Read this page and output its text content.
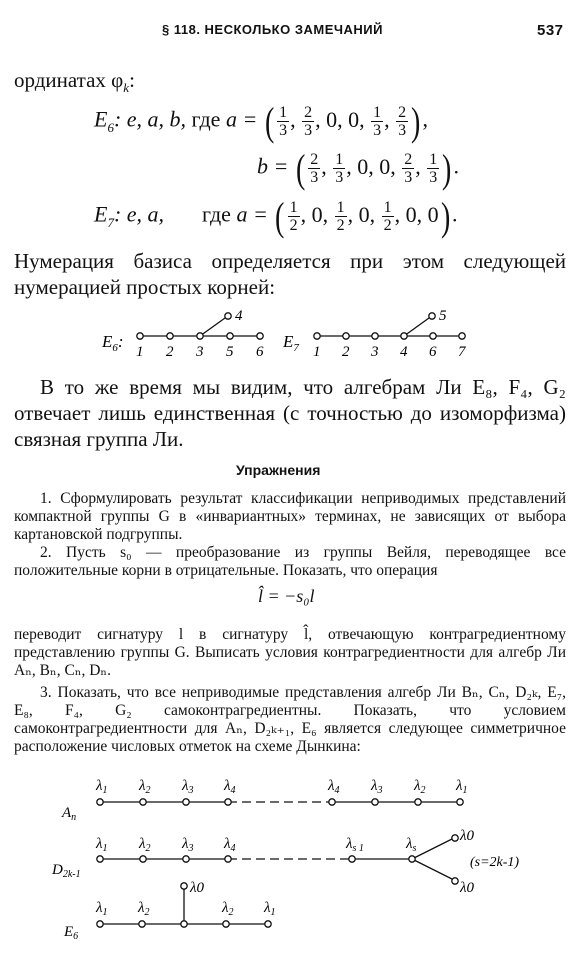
§ 118. НЕСКОЛЬКО ЗАМЕЧАНИЙ	537
ординатах $\varphi_k$:
$E_6$: e, a, b, где a = ( $\frac{1}{3}$ , $\frac{2}{3}$ , 0, 0, $\frac{1}{3}$ , $\frac{2}{3}$ ),
b = ( $\frac{2}{3}$ , $\frac{1}{3}$ , 0, 0, $\frac{2}{3}$ , $\frac{1}{3}$ ).
$E_7$: e, a, где a = ( $\frac{1}{2}$ , 0, $\frac{1}{2}$ , 0, $\frac{1}{2}$ , 0, 0).
Нумерация базиса определяется при этом следующей нумерацией простых корней:
$E_6$:
1 2 3 5 6
4
$E_7$ 1 2 3 4 6 7
5
В то же время мы видим, что алгебрам Ли E₈, F₄, G₂ отвечает лишь единственная (с точностью до изоморфизма) связная группа Ли.
Упражнения
1. Сформулировать результат классификации неприводимых представлений компактной группы G в «инвариантных» терминах, не зависящих от выбора картановской подгруппы.
2. Пусть s₀ — преобразование из группы Вейля, переводящее все положительные корни в отрицательные. Показать, что операция
l̂ = −s₀l
переводит сигнатуру l в сигнатуру l̂, отвечающую контрагредиентному представлению группы G. Выписать условия контрагредиентности для алгебр Ли Aₙ, Bₙ, Cₙ, Dₙ.
3. Показать, что все неприводимые представления алгебр Ли Bₙ, Cₙ, D₂ₖ, E₇, E₈, F₄, G₂ самоконтрагредиентны. Показать, что условием самоконтрагредиентности для Aₙ, D₂ₖ₊₁, E₆ является следующее симметричное расположение числовых отметок на схеме Дынкина:
$A_n$
$\lambda_1$ $\lambda_2$ $\lambda_3$ $\lambda_4$	$\lambda_4$ $\lambda_3$ $\lambda_2$ $\lambda_1$
$D_{2k-1}$
$\lambda_1$ $\lambda_2$ $\lambda_3$ $\lambda_4$	$\lambda_{s 1}$	$\lambda_s$
λ0
λ0
(s=2k-1)
$E_6$
λ0
$\lambda_1$ $\lambda_2$	$\lambda_2$ $\lambda_1$
